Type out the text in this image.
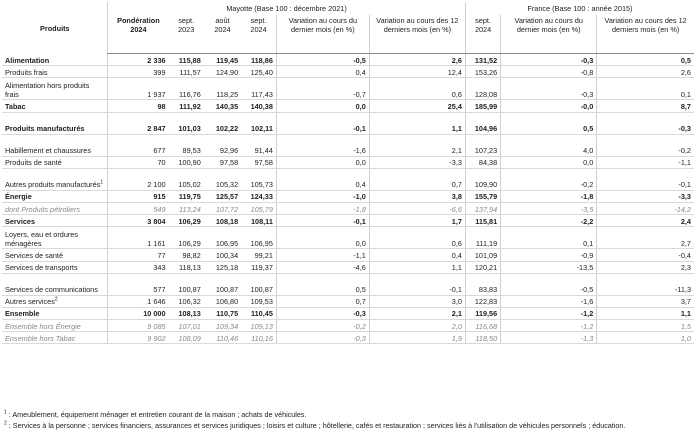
Produits	Mayotte (Base 100 : décembre 2021)						France (Base 100 : année 2015)		
	Pondération 2024	sept. 2023	août 2024	sept. 2024	Variation au cours du dernier mois (en %)	Variation au cours des 12 derniers mois (en %)	sept. 2024	Variation au cours du dernier mois (en %)	Variation au cours des 12 derniers mois (en %)
Alimentation	2 336	115,88	119,45	118,86	-0,5	2,6	131,52	-0,3	0,5
Produits frais	399	111,57	124,90	125,40	0,4	12,4	153,26	-0,8	2,6
Alimentation hors produits frais	1 937	116,76	118,25	117,43	-0,7	0,6	128,08	-0,3	0,1
Tabac	98	111,92	140,35	140,38	0,0	25,4	185,99	-0,0	8,7
Produits manufacturés	2 847	101,03	102,22	102,11	-0,1	1,1	104,96	0,5	-0,3
Habillement et chaussures	677	89,53	92,96	91,44	-1,6	2,1	107,23	4,0	-0,2
Produits de santé	70	100,90	97,58	97,58	0,0	-3,3	84,38	0,0	-1,1
Autres produits manufacturés$^1$	2 100	105,02	105,32	105,73	0,4	0,7	109,90	-0,2	-0,1
Énergie	915	119,75	125,57	124,33	-1,0	3,8	155,79	-1,8	-3,3
dont Produits pétroliers	549	113,24	107,72	105,79	-1,8	-6,6	137,94	-3,5	-14,2
Services	3 804	106,29	108,18	108,11	-0,1	1,7	115,81	-2,2	2,4
Loyers, eau et ordures ménagères	1 161	106,29	106,95	106,95	0,0	0,6	111,19	0,1	2,7
Services de santé	77	98,82	100,34	99,21	-1,1	0,4	101,09	-0,9	-0,4
Services de transports	343	118,13	125,18	119,37	-4,6	1,1	120,21	-13,5	2,3
Services de communications	577	100,87	100,87	100,87	0,5	-0,1	83,83	-0,5	-11,3
Autres services$^2$	1 646	106,32	106,80	109,53	0,7	3,0	122,83	-1,6	3,7
Ensemble	10 000	108,13	110,75	110,45	-0,3	2,1	119,56	-1,2	1,1
Ensemble hors Énergie	9 085	107,01	109,34	109,13	-0,2	2,0	116,68	-1,2	1,5
Ensemble hors Tabac	9 902	108,09	110,46	110,16	-0,3	1,9	118,50	-1,3	1,0
$^1$ : Ameublement, équipement ménager et entretien courant de la maison ; achats de véhicules.
$^2$ : Services à la personne ; services financiers, assurances et services juridiques ; loisirs et culture ; hôtellerie, cafés et restauration ; services liés à l'utilisation de véhicules personnels ; éducation.
